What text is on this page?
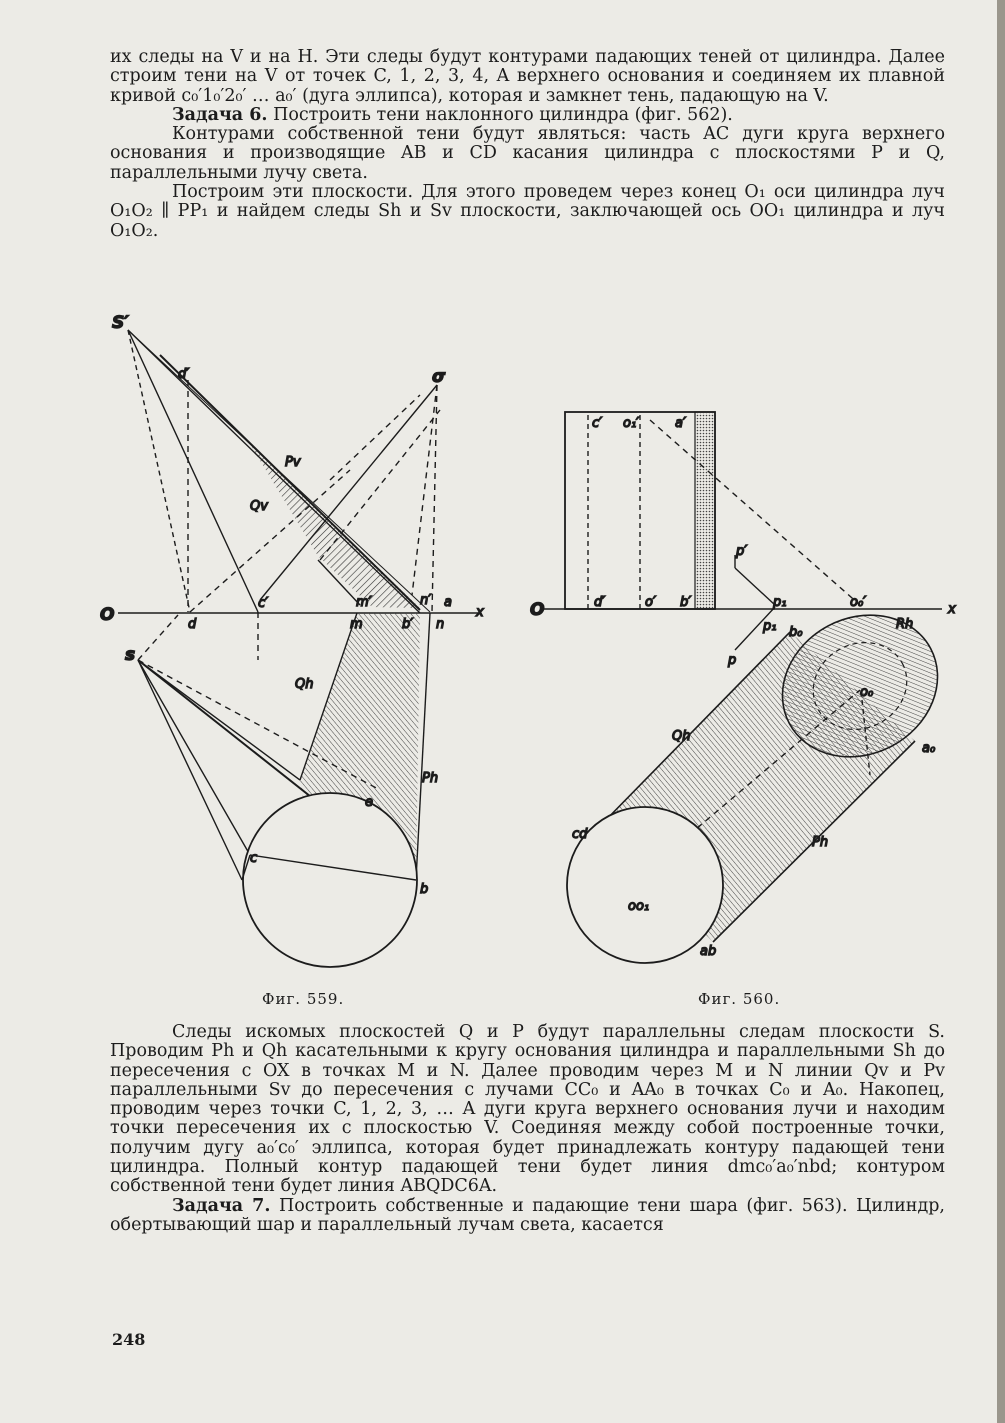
их следы на V и на H. Эти следы будут контурами падающих теней от цилиндра. Далее строим тени на V от точек C, 1, 2, 3, 4, A верхнего основания и соединяем их плавной кривой c₀′1₀′2₀′ … a₀′ (дуга эллипса), которая и замкнет тень, падающую на V.

Задача 6. Построить тени наклонного цилиндра (фиг. 562).

Контурами собственной тени будут являться: часть AC дуги круга верхнего основания и производящие AB и CD касания цилиндра с плоскостями P и Q, параллельными лучу света.

Построим эти плоскости. Для этого проведем через конец O₁ оси цилиндра луч O₁O₂ ∥ PP₁ и найдем следы Sh и Sv плоскости, заключающей ось OO₁ цилиндра и луч O₁O₂.

S′
d′	σ
Pv
Qv
c′	m′	n′ a
x
O	d	m	b′ n
s
Qh
Ph
e
c
b
c′ o₁′	a′
p′
O	d′	o′ b′	p₁	o₀′	x
p₁
p
b₀
Rh
o₀
Qh
a₀
cd
Ph
oo₁
ab
Фиг. 559.	Фиг. 560.

Следы искомых плоскостей Q и P будут параллельны следам плоскости S. Проводим Ph и Qh касательными к кругу основания цилиндра и параллельными Sh до пересечения с OX в точках M и N. Далее проводим через M и N линии Qv и Pv параллельными Sv до пересечения с лучами CC₀ и AA₀ в точках C₀ и A₀. Накопец, проводим через точки C, 1, 2, 3, … A дуги круга верхнего основания лучи и находим точки пересечения их с плоскостью V. Соединяя между собой построенные точки, получим дугу a₀′c₀′ эллипса, которая будет принадлежать контуру падающей тени цилиндра. Полный контур падающей тени будет линия dmc₀′a₀′nbd; контуром собственной тени будет линия ABQDC6A.

Задача 7. Построить собственные и падающие тени шара (фиг. 563). Цилиндр, обертывающий шар и параллельный лучам света, касается

248
